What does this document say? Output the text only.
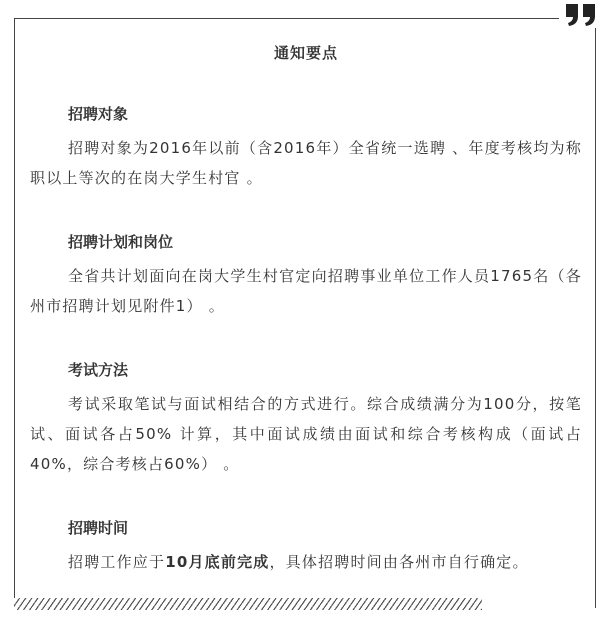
通知要点
招聘对象
招聘对象为2016年以前（含2016年）全省统一选聘 、年度考核均为称职以上等次的在岗大学生村官 。
招聘计划和岗位
全省共计划面向在岗大学生村官定向招聘事业单位工作人员1765名（各州市招聘计划见附件1） 。
考试方法
考试采取笔试与面试相结合的方式进行。综合成绩满分为100分，按笔试、面试各占50% 计算，其中面试成绩由面试和综合考核构成（面试占40%，综合考核占60%） 。
招聘时间
招聘工作应于10月底前完成，具体招聘时间由各州市自行确定。
